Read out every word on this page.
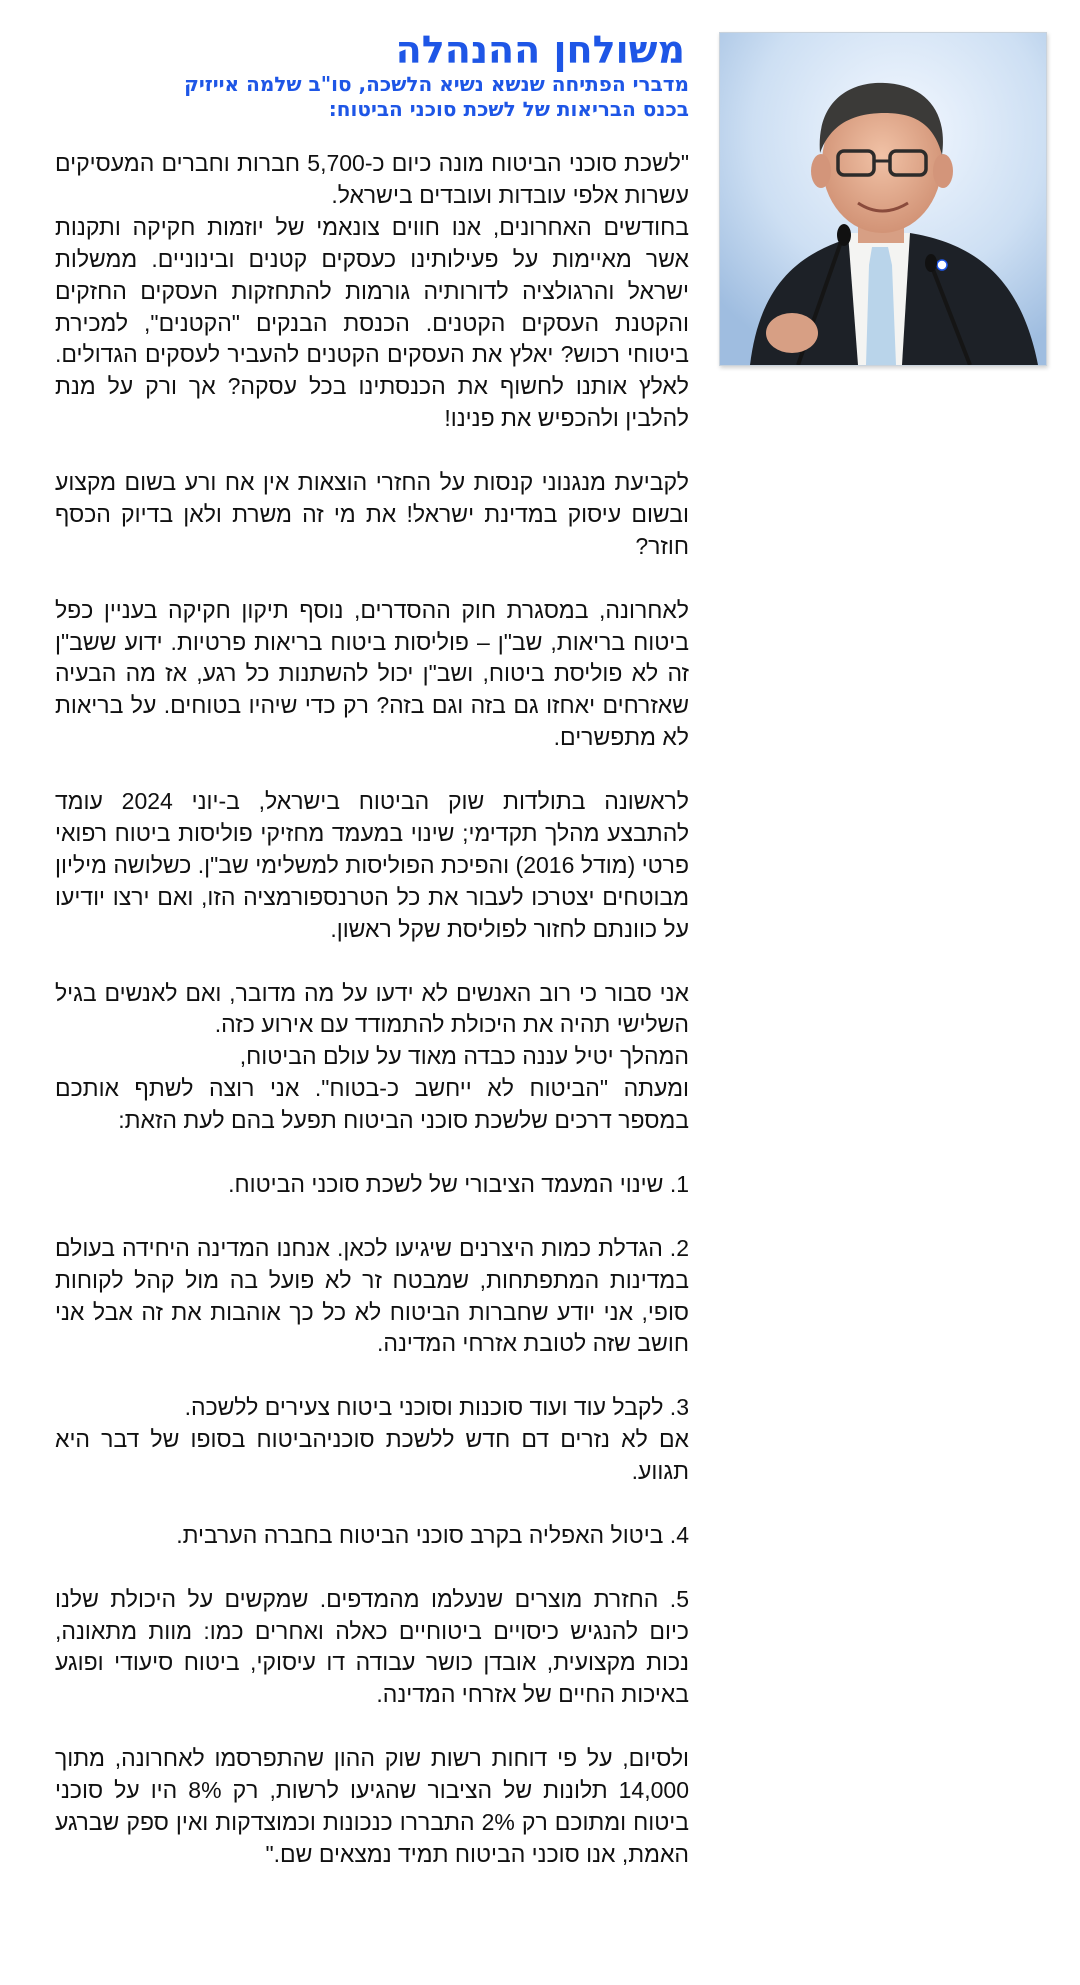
משולחן ההנהלה
מדברי הפתיחה שנשא נשיא הלשכה, סו"ב שלמה אייזיק
בכנס הבריאות של לשכת סוכני הביטוח:

"לשכת סוכני הביטוח מונה כיום כ-5,700 חברות וחברים המעסיקים עשרות אלפי עובדות ועובדים בישראל.

בחודשים האחרונים, אנו חווים צונאמי של יוזמות חקיקה ותקנות אשר מאיימות על פעילותינו כעסקים קטנים ובינוניים. ממשלות ישראל והרגולציה לדורותיה גורמות להתחזקות העסקים החזקים והקטנת העסקים הקטנים. הכנסת הבנקים "הקטנים", למכירת ביטוחי רכוש? יאלץ את העסקים הקטנים להעביר לעסקים הגדולים. לאלץ אותנו לחשוף את הכנסתינו בכל עסקה? אך ורק על מנת להלבין ולהכפיש את פנינו!

לקביעת מנגנוני קנסות על החזרי הוצאות אין אח ורע בשום מקצוע ובשום עיסוק במדינת ישראל! את מי זה משרת ולאן בדיוק הכסף חוזר?

לאחרונה, במסגרת חוק ההסדרים, נוסף תיקון חקיקה בעניין כפל ביטוח בריאות, שב"ן – פוליסות ביטוח בריאות פרטיות. ידוע ששב"ן זה לא פוליסת ביטוח, ושב"ן יכול להשתנות כל רגע, אז מה הבעיה שאזרחים יאחזו גם בזה וגם בזה? רק כדי שיהיו בטוחים. על בריאות לא מתפשרים.

לראשונה בתולדות שוק הביטוח בישראל, ב-יוני 2024 עומד להתבצע מהלך תקדימי; שינוי במעמד מחזיקי פוליסות ביטוח רפואי פרטי (מודל 2016) והפיכת הפוליסות למשלימי שב"ן. כשלושה מיליון מבוטחים יצטרכו לעבור את כל הטרנספורמציה הזו, ואם ירצו יודיעו על כוונתם לחזור לפוליסת שקל ראשון.

אני סבור כי רוב האנשים לא ידעו על מה מדובר, ואם לאנשים בגיל השלישי תהיה את היכולת להתמודד עם אירוע כזה.

המהלך יטיל עננה כבדה מאוד על עולם הביטוח,

ומעתה "הביטוח לא ייחשב כ-בטוח". אני רוצה לשתף אותכם במספר דרכים שלשכת סוכני הביטוח תפעל בהם לעת הזאת:

1. שינוי המעמד הציבורי של לשכת סוכני הביטוח.

2. הגדלת כמות היצרנים שיגיעו לכאן. אנחנו המדינה היחידה בעולם במדינות המתפתחות, שמבטח זר לא פועל בה מול קהל לקוחות סופי, אני יודע שחברות הביטוח לא כל כך אוהבות את זה אבל אני חושב שזה לטובת אזרחי המדינה.

3. לקבל עוד ועוד סוכנות וסוכני ביטוח צעירים ללשכה.

אם לא נזרים דם חדש ללשכת סוכניהביטוח בסופו של דבר היא תגווע.

4. ביטול האפליה בקרב סוכני הביטוח בחברה הערבית.

5. החזרת מוצרים שנעלמו מהמדפים. שמקשים על היכולת שלנו כיום להנגיש כיסויים ביטוחיים כאלה ואחרים כמו: מוות מתאונה, נכות מקצועית, אובדן כושר עבודה דו עיסוקי, ביטוח סיעודי ופוגע באיכות החיים של אזרחי המדינה.

ולסיום, על פי דוחות רשות שוק ההון שהתפרסמו לאחרונה, מתוך 14,000 תלונות של הציבור שהגיעו לרשות, רק 8% היו על סוכני ביטוח ומתוכם רק 2% התבררו כנכונות וכמוצדקות ואין ספק שברגע האמת, אנו סוכני הביטוח תמיד נמצאים שם."
